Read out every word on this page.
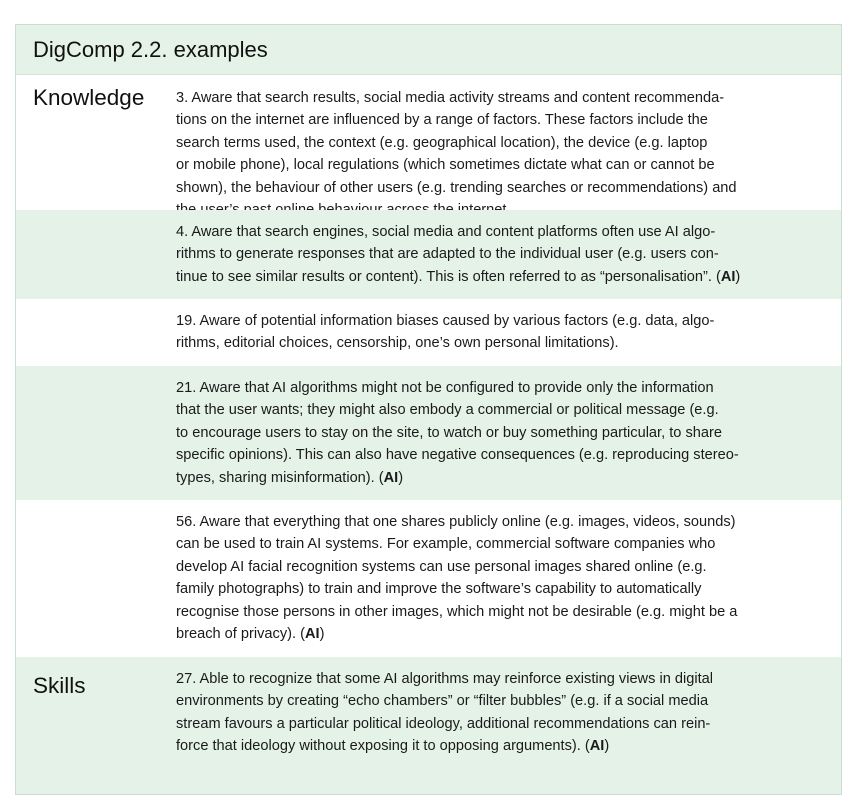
DigComp 2.2. examples
Knowledge 3. Aware that search results, social media activity streams and content recommenda-
tions on the internet are influenced by a range of factors. These factors include the
search terms used, the context (e.g. geographical location), the device (e.g. laptop
or mobile phone), local regulations (which sometimes dictate what can or cannot be
shown), the behaviour of other users (e.g. trending searches or recommendations) and

4. Aware that search engines, social media and content platforms often use AI algo-
rithms to generate responses that are adapted to the individual user (e.g. users con-
tinue to see similar results or content). This is often referred to as “personalisation”. (AI)
19. Aware of potential information biases caused by various factors (e.g. data, algo-
rithms, editorial choices, censorship, one’s own personal limitations).
21. Aware that AI algorithms might not be configured to provide only the information
that the user wants; they might also embody a commercial or political message (e.g.
to encourage users to stay on the site, to watch or buy something particular, to share
specific opinions). This can also have negative consequences (e.g. reproducing stereo-
types, sharing misinformation). (AI)
56. Aware that everything that one shares publicly online (e.g. images, videos, sounds)
can be used to train AI systems. For example, commercial software companies who
develop AI facial recognition systems can use personal images shared online (e.g.
family photographs) to train and improve the software’s capability to automatically
recognise those persons in other images, which might not be desirable (e.g. might be a
breach of privacy). (AI)
Skills	27. Able to recognize that some AI algorithms may reinforce existing views in digital
environments by creating “echo chambers” or “filter bubbles” (e.g. if a social media
stream favours a particular political ideology, additional recommendations can rein-
force that ideology without exposing it to opposing arguments). (AI)
